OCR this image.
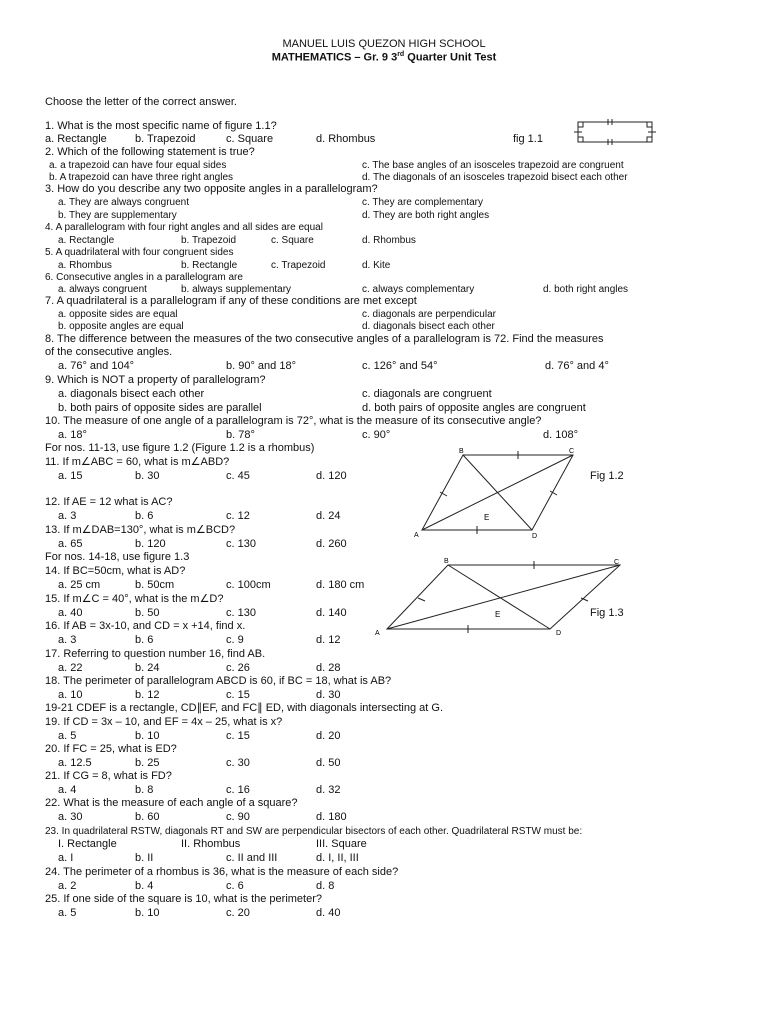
MANUEL LUIS QUEZON HIGH SCHOOL
MATHEMATICS – Gr. 9 3rd Quarter Unit Test
Choose the letter of the correct answer.
1. What is the most specific name of figure 1.1?
a. Rectangle	b. Trapezoid	c. Square	d. Rhombus	fig 1.1
2. Which of the following statement is true?
a. a trapezoid can have four equal sides	c. The base angles of an isosceles trapezoid are congruent
b. A trapezoid can have three right angles	d. The diagonals of an isosceles trapezoid bisect each other
3. How do you describe any two opposite angles in a parallelogram?
a. They are always congruent	c. They are complementary
b. They are supplementary	d. They are both right angles
4. A parallelogram with four right angles and all sides are equal
a. Rectangle	b. Trapezoid	c. Square	d. Rhombus
5. A quadrilateral with four congruent sides
a. Rhombus	b. Rectangle	c. Trapezoid	d. Kite
6. Consecutive angles in a parallelogram are
a. always congruent	b. always supplementary	c. always complementary	d. both right angles
7. A quadrilateral is a parallelogram if any of these conditions are met except
a. opposite sides are equal	c. diagonals are perpendicular
b. opposite angles are equal	d. diagonals bisect each other
8. The difference between the measures of the two consecutive angles of a parallelogram is 72. Find the measures
of the consecutive angles.
a. 76° and 104°	b. 90° and 18°	c. 126° and 54°	d. 76° and 4°
9. Which is NOT a property of parallelogram?
a. diagonals bisect each other	c. diagonals are congruent
b. both pairs of opposite sides are parallel	d. both pairs of opposite angles are congruent
10. The measure of one angle of a parallelogram is 72°, what is the measure of its consecutive angle?
a. 18°	b. 78°	c. 90°	d. 108°
For nos. 11-13, use figure 1.2 (Figure 1.2 is a rhombus)
11. If m∠ABC = 60, what is m∠ABD?
a. 15	b. 30	c. 45	d. 120
12. If AE = 12 what is AC?
a. 3	b. 6	c. 12	d. 24
13. If m∠DAB=130°, what is m∠BCD?
a. 65	b. 120	c. 130	d. 260
For nos. 14-18, use figure 1.3
14. If BC=50cm, what is AD?
a. 25 cm	b. 50cm	c. 100cm	d. 180 cm
15. If m∠C = 40°, what is the m∠D?
a. 40	b. 50	c. 130	d. 140
16. If AB = 3x-10, and CD = x +14, find x.
a. 3	b. 6	c. 9	d. 12
17. Referring to question number 16, find AB.
a. 22	b. 24	c. 26	d. 28
18. The perimeter of parallelogram ABCD is 60, if BC = 18, what is AB?
a. 10	b. 12	c. 15	d. 30
19-21 CDEF is a rectangle, CD∥EF, and FC∥ ED, with diagonals intersecting at G.
19. If CD = 3x – 10, and EF = 4x – 25, what is x?
a. 5	b. 10	c. 15	d. 20
20. If FC = 25, what is ED?
a. 12.5	b. 25	c. 30	d. 50
21. If CG = 8, what is FD?
a. 4	b. 8	c. 16	d. 32
22. What is the measure of each angle of a square?
a. 30	b. 60	c. 90	d. 180
23. In quadrilateral RSTW, diagonals RT and SW are perpendicular bisectors of each other. Quadrilateral RSTW must be:
I. Rectangle	II. Rhombus	III. Square
a. I	b. II	c. II and III	d. I, II, III
24. The perimeter of a rhombus is 36, what is the measure of each side?
a. 2	b. 4	c. 6	d. 8
25. If one side of the square is 10, what is the perimeter?
a. 5	b. 10	c. 20	d. 40
B	C
A	D
E
Fig 1.2
B	C
A	D
E	Fig 1.3
